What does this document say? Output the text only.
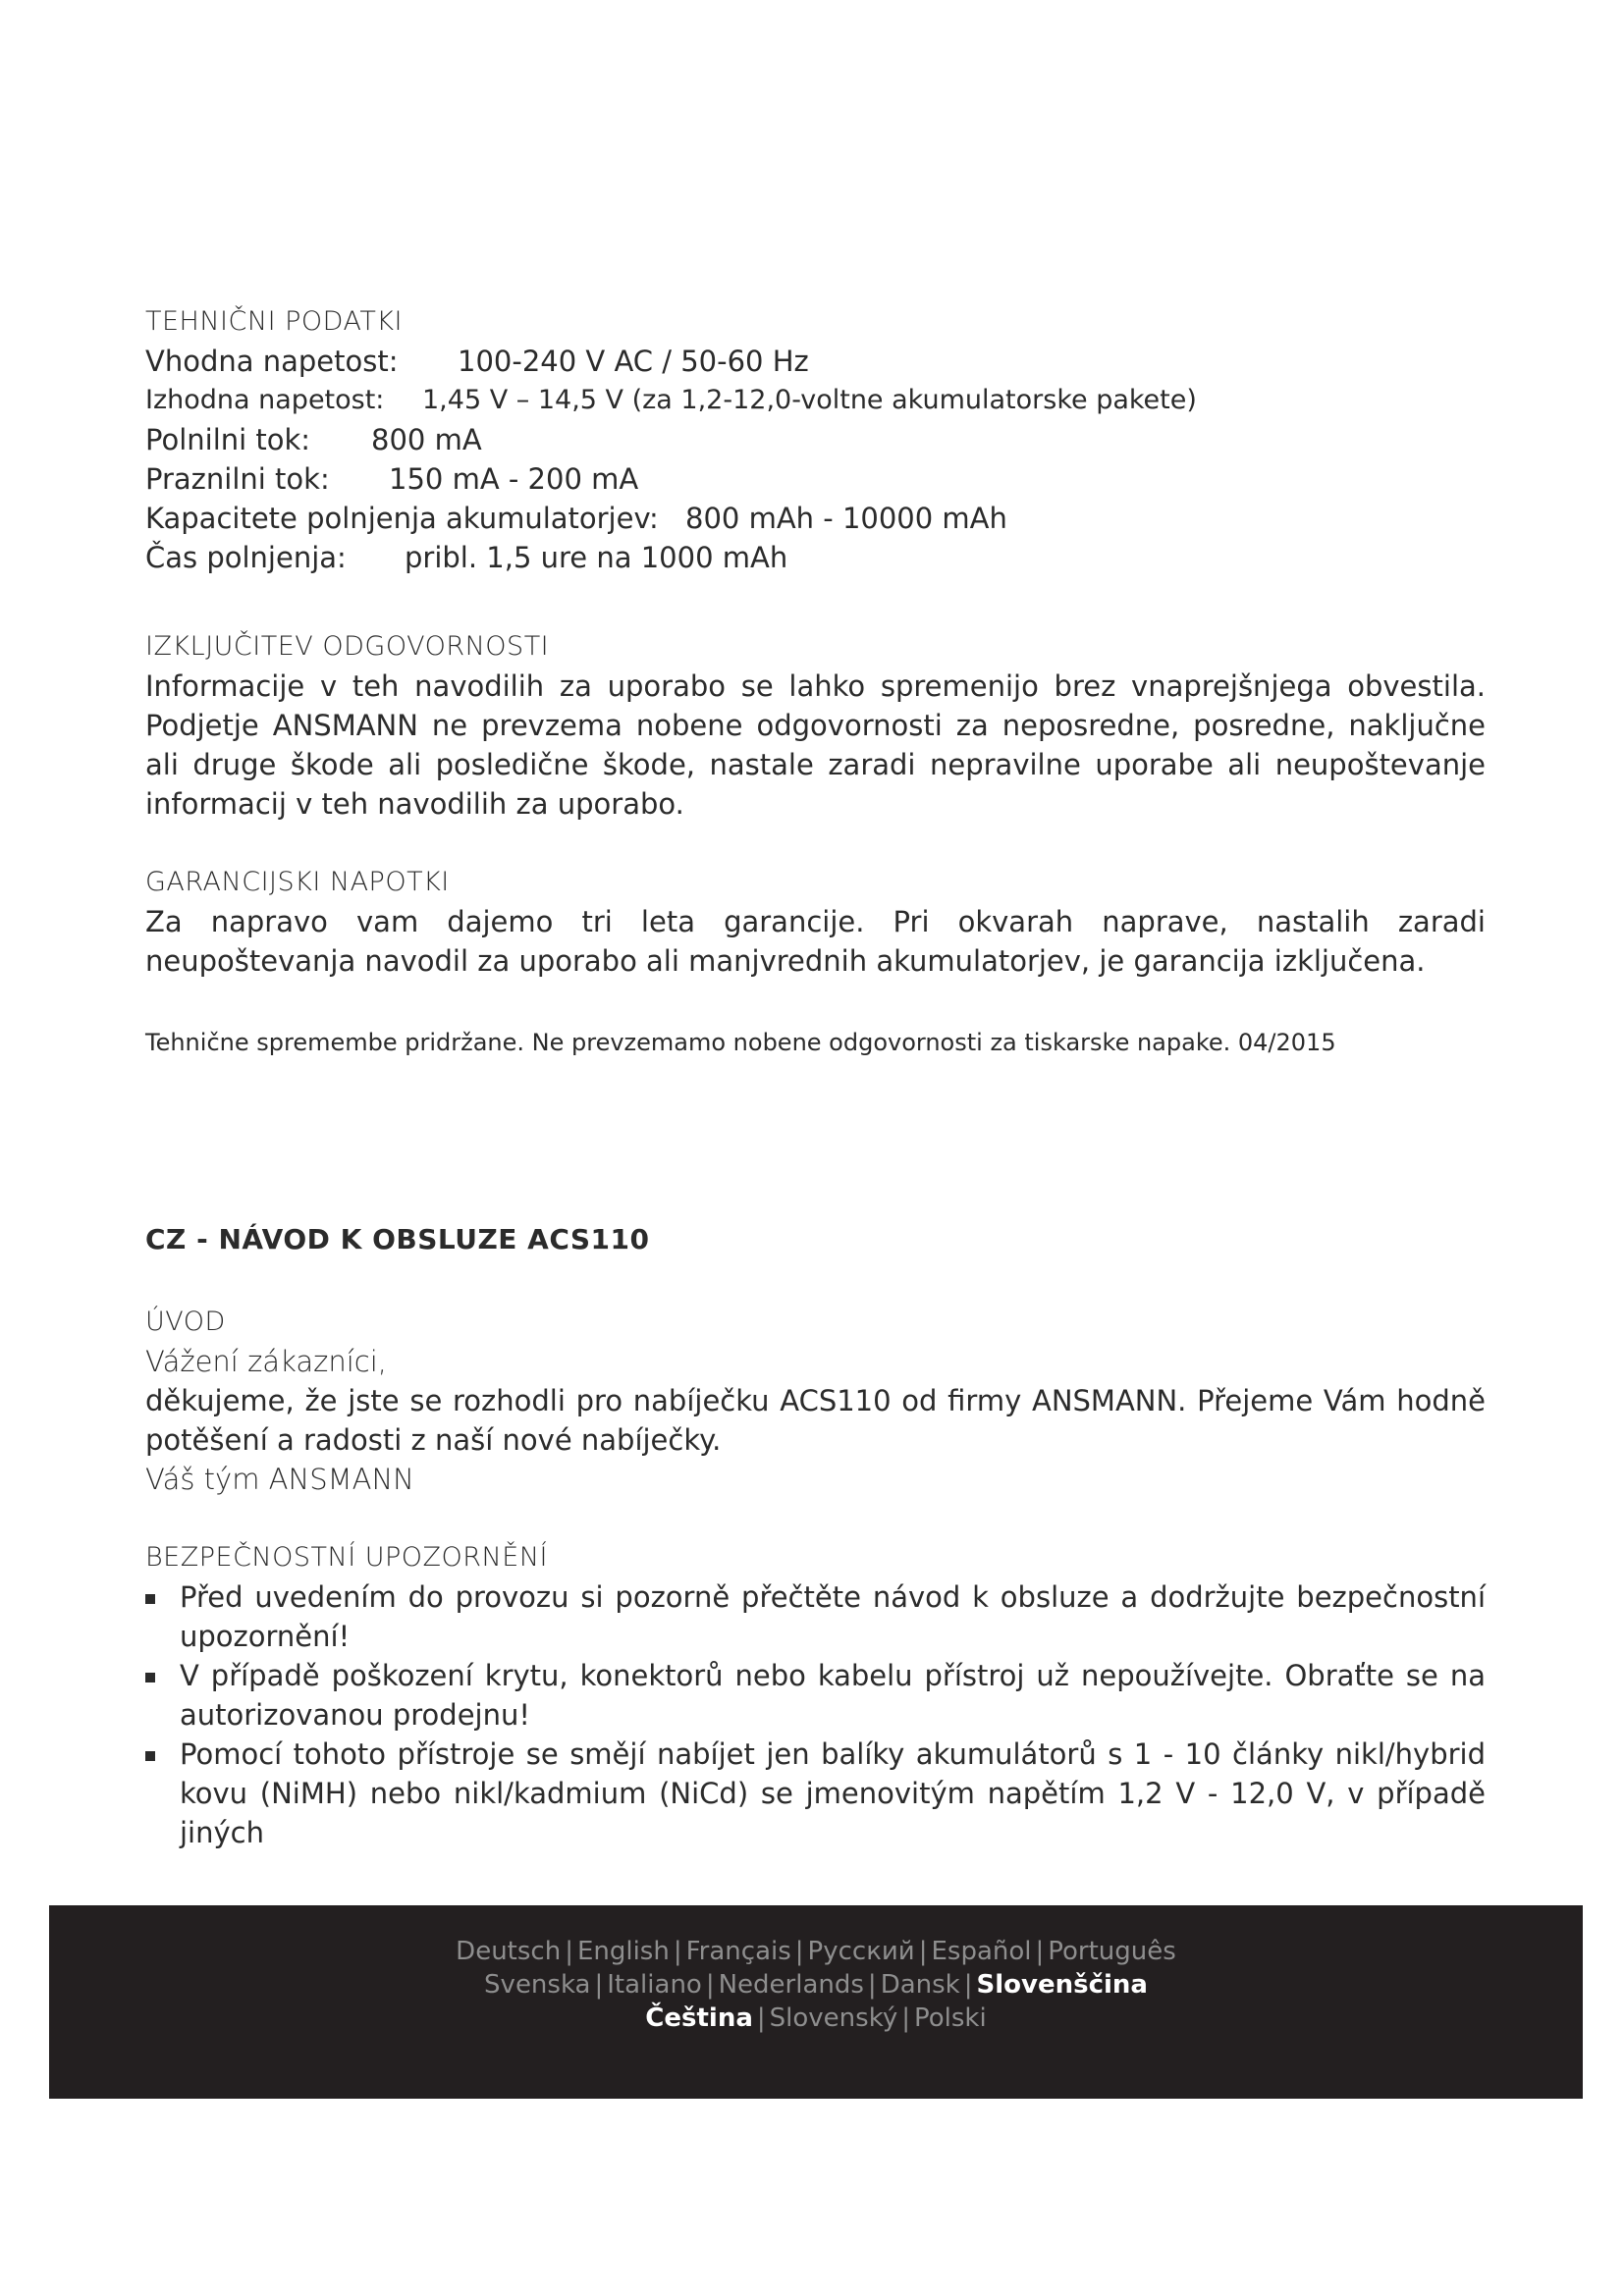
TEHNIČNI PODATKI
Vhodna napetost:	100-240 V AC / 50-60 Hz
Izhodna napetost:	1,45 V – 14,5 V (za 1,2-12,0-voltne akumulatorske pakete)
Polnilni tok:	800 mA
Praznilni tok:	150 mA - 200 mA
Kapacitete polnjenja akumulatorjev: 800 mAh - 10000 mAh
Čas polnjenja:	pribl. 1,5 ure na 1000 mAh
IZKLJUČITEV ODGOVORNOSTI
Informacije v teh navodilih za uporabo se lahko spremenijo brez vnaprejšnjega obvestila. Podjetje ANSMANN ne prevzema nobene odgovornosti za neposredne, posredne, naključne ali druge škode ali posledične škode, nastale zaradi nepravilne uporabe ali neupoštevanje informacij v teh navodilih za uporabo.
GARANCIJSKI NAPOTKI
Za napravo vam dajemo tri leta garancije. Pri okvarah naprave, nastalih zaradi neupoštevanja navodil za uporabo ali manjvrednih akumulatorjev, je garancija izključena.
Tehnične spremembe pridržane. Ne prevzemamo nobene odgovornosti za tiskarske napake. 04/2015
CZ - NÁVOD K OBSLUZE ACS110
ÚVOD
Vážení zákazníci,
děkujeme, že jste se rozhodli pro nabíječku ACS110 od firmy ANSMANN. Přejeme Vám hodně potěšení a radosti z naší nové nabíječky.
Váš tým ANSMANN
BEZPEČNOSTNÍ UPOZORNĚNÍ
Před uvedením do provozu si pozorně přečtěte návod k obsluze a dodržujte bezpečnostní upozornění!
V případě poškození krytu, konektorů nebo kabelu přístroj už nepoužívejte. Obraťte se na autorizovanou prodejnu!
Pomocí tohoto přístroje se smějí nabíjet jen balíky akumulátorů s 1 - 10 články nikl/hybrid kovu (NiMH) nebo nikl/kadmium (NiCd) se jmenovitým napětím 1,2 V - 12,0 V, v případě jiných
Deutsch | English | Français | Русский | Español | Português
Svenska | Italiano | Nederlands | Dansk | Slovenščina
Čeština | Slovenský | Polski
